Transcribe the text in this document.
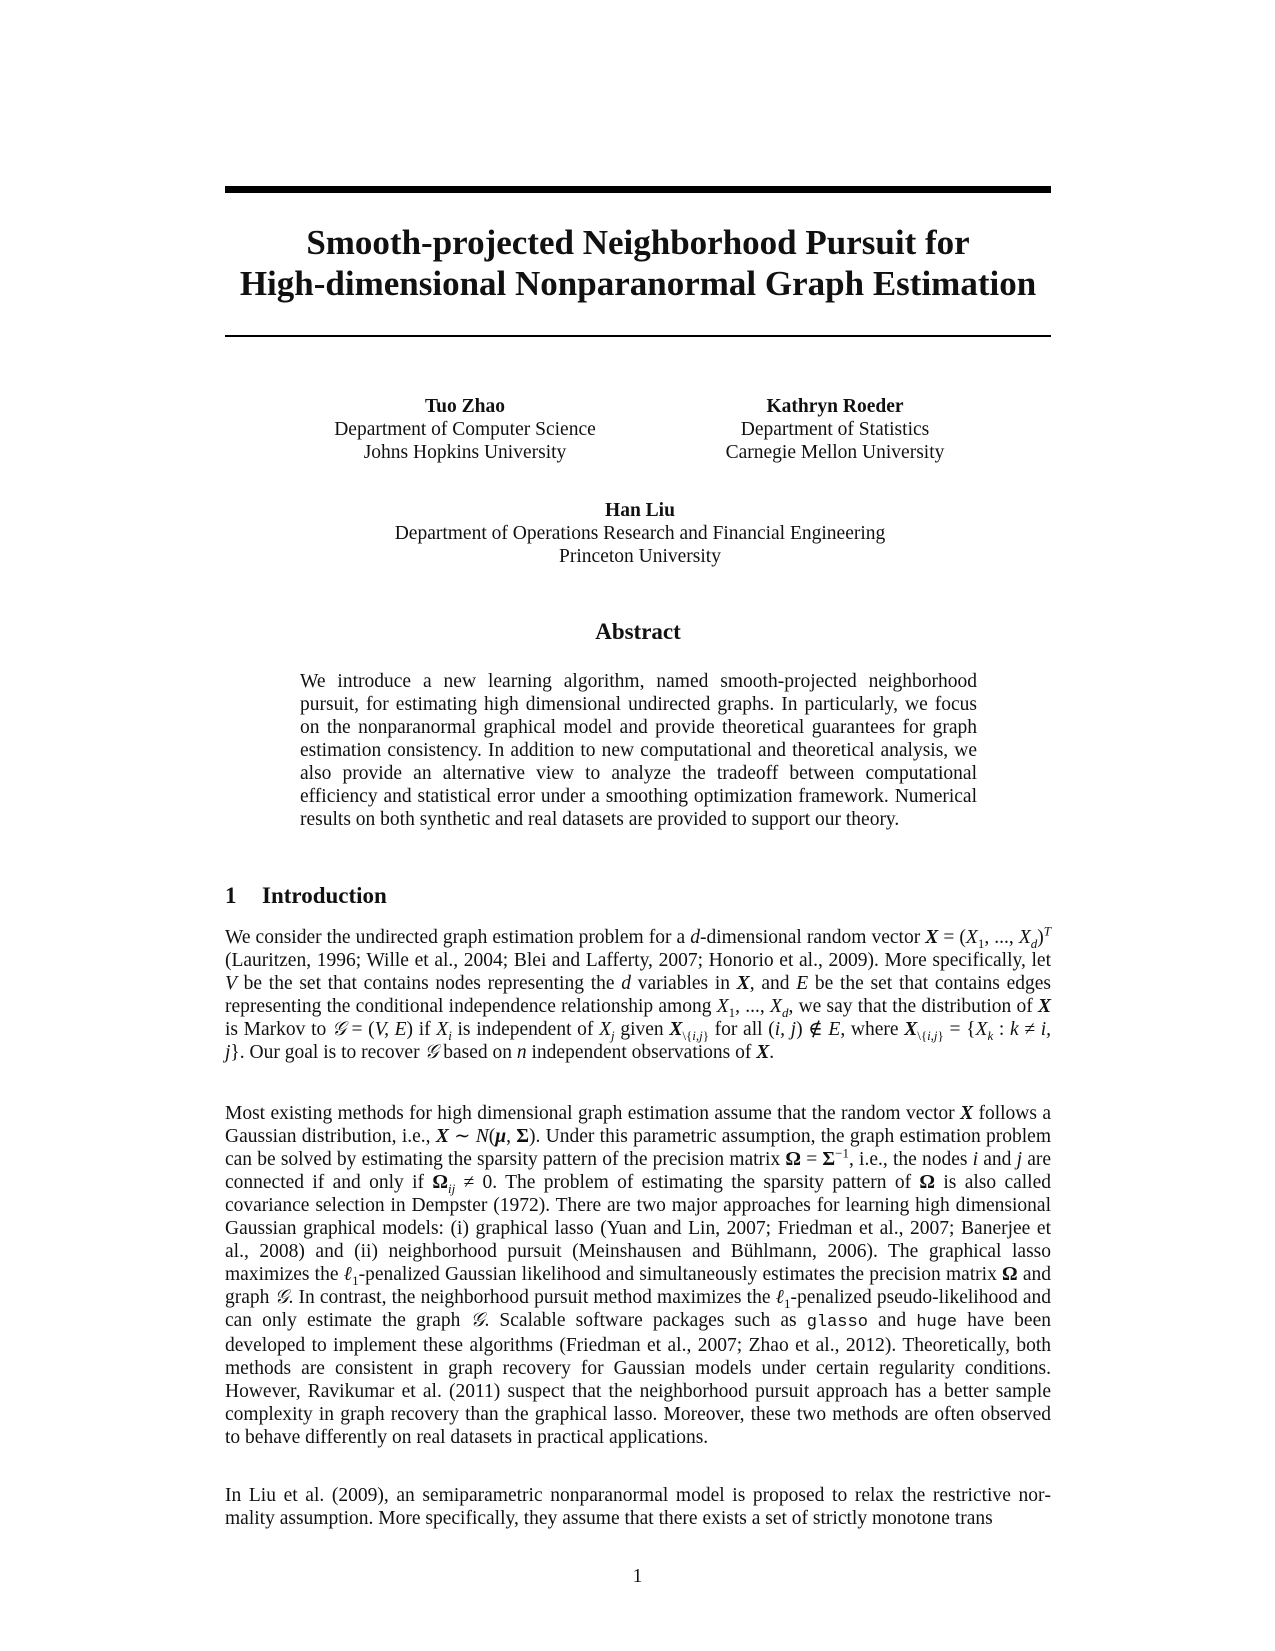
Smooth-projected Neighborhood Pursuit for
High-dimensional Nonparanormal Graph Estimation
Tuo Zhao
Department of Computer Science
Johns Hopkins University
Kathryn Roeder
Department of Statistics
Carnegie Mellon University
Han Liu
Department of Operations Research and Financial Engineering
Princeton University
Abstract
We introduce a new learning algorithm, named smooth-projected neighborhood pursuit, for estimating high dimensional undirected graphs. In particularly, we focus on the nonparanormal graphical model and provide theoretical guarantees for graph estimation consistency. In addition to new computational and theoretical analysis, we also provide an alternative view to analyze the tradeoff between computational efficiency and statistical error under a smoothing optimization framework. Numerical results on both synthetic and real datasets are provided to support our theory.
1 Introduction
We consider the undirected graph estimation problem for a d-dimensional random vector $X = (X_1$, ..., $X_d)^T$ (Lauritzen, 1996; Wille et al., 2004; Blei and Lafferty, 2007; Honorio et al., 2009). More specifically, let V be the set that contains nodes representing the d variables in X, and E be the set that contains edges representing the conditional independence relationship among $X_1$, ..., $X_d$, we say that the distribution of X is Markov to 𝒢 = (V, E) if $X_i$ is independent of $X_j$ given $X_{\backslash\{i,j\}}$ for all (i, j) ∉ E, where $X_{\backslash\{i,j\}} = \{X_k$ : k ≠ i, j}. Our goal is to recover 𝒢 based on n independent observations of X.
Most existing methods for high dimensional graph estimation assume that the random vector X follows a Gaussian distribution, i.e., X ∼ N(μ, Σ). Under this parametric assumption, the graph estimation problem can be solved by estimating the sparsity pattern of the precision matrix $\Omega = \Sigma^{-1}$, i.e., the nodes i and j are connected if and only if $\Omega_{ij} \ne 0$. The problem of estimating the sparsity pattern of Ω is also called covariance selection in Dempster (1972). There are two major approaches for learning high dimensional Gaussian graphical models: (i) graphical lasso (Yuan and Lin, 2007; Friedman et al., 2007; Banerjee et al., 2008) and (ii) neighborhood pursuit (Meinshausen and Bühlmann, 2006). The graphical lasso maximizes the ℓ$_1$-penalized Gaussian likelihood and simultaneously estimates the precision matrix Ω and graph 𝒢. In contrast, the neighborhood pursuit method maximizes the ℓ$_1$-penalized pseudo-likelihood and can only estimate the graph 𝒢. Scalable software packages such as glasso and huge have been developed to implement these algorithms (Friedman et al., 2007; Zhao et al., 2012). Theoretically, both methods are consistent in graph recovery for Gaussian models under certain regularity conditions. However, Ravikumar et al. (2011) suspect that the neighborhood pursuit approach has a better sample complexity in graph recovery than the graphical lasso. Moreover, these two methods are often observed to behave differently on real datasets in practical applications.
In Liu et al. (2009), an semiparametric nonparanormal model is proposed to relax the restrictive normality assumption. More specifically, they assume that there exists a set of strictly monotone trans
1
